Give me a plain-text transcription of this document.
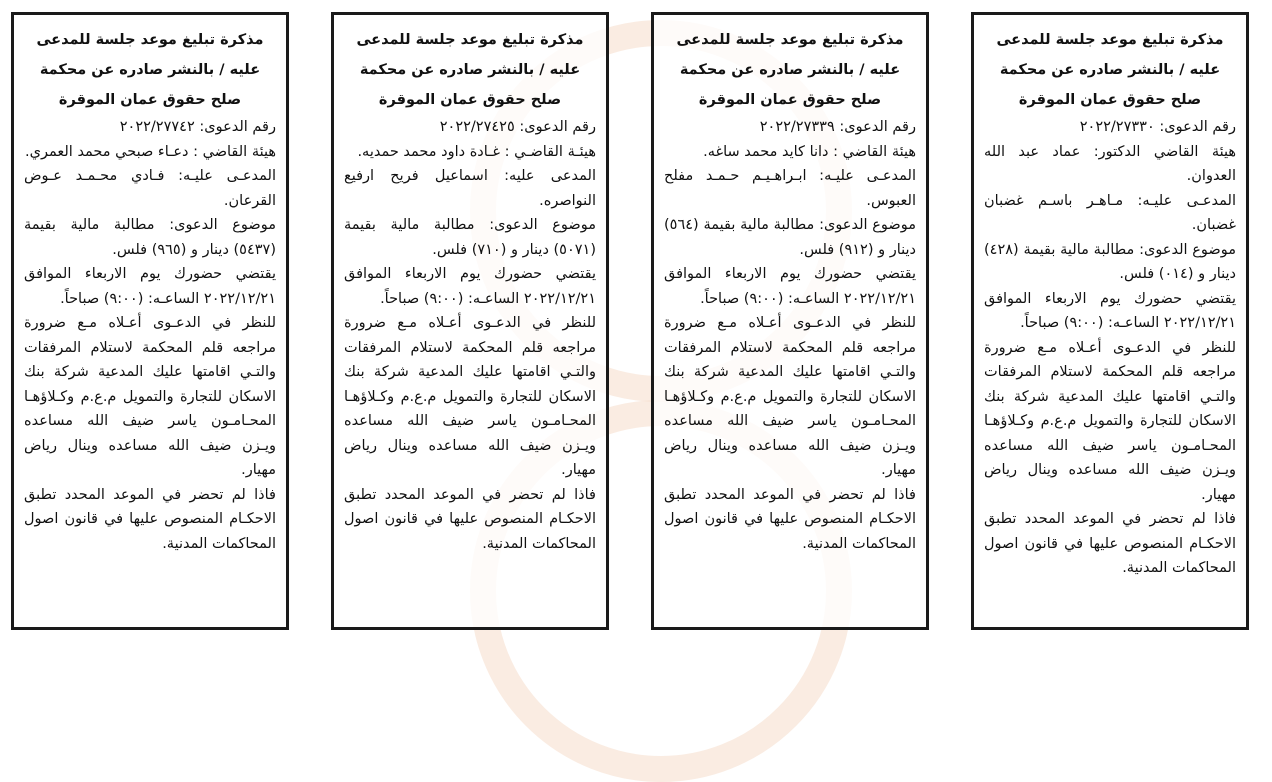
مذكرة تبليغ موعد جلسة للمدعى عليه / بالنشر صادره عن محكمة صلح حقوق عمان الموقرة

رقم الدعوى: ٢٠٢٢/٢٧٧٤٢

هيئة القاضي : دعـاء صبحي محمد العمري.

المدعـى عليـه: فـادي محـمـد عـوض القرعان.

موضوع الدعوى: مطالبة مالية بقيمة (٥٤٣٧) دينار و (٩٦٥) فلس.

يقتضي حضورك يوم الاربعاء الموافق ٢٠٢٢/١٢/٢١ الساعـه: (٩:٠٠) صباحاً.

للنظر في الدعـوى أعـلاه مـع ضرورة مراجعه قلم المحكمة لاستلام المرفقات والتـي اقامتها عليك المدعية شركة بنك الاسكان للتجارة والتمويل م.ع.م وكـلاؤهـا المحـامـون ياسر ضيف الله مساعده ويـزن ضيف الله مساعده وينال رياض مهيار.

فاذا لم تحضر في الموعد المحدد تطبق الاحكـام المنصوص عليها في قانون اصول المحاكمات المدنية.

مذكرة تبليغ موعد جلسة للمدعى عليه / بالنشر صادره عن محكمة صلح حقوق عمان الموقرة

رقم الدعوى: ٢٠٢٢/٢٧٤٢٥

هيئـة القاضـي : غـادة داود محمد حمديه.

المدعى عليه: اسماعيل فريح ارفيع النواصره.

موضوع الدعوى: مطالبة مالية بقيمة (٥٠٧١) دينار و (٧١٠) فلس.

يقتضي حضورك يوم الاربعاء الموافق ٢٠٢٢/١٢/٢١ الساعـه: (٩:٠٠) صباحاً.

للنظر في الدعـوى أعـلاه مـع ضرورة مراجعه قلم المحكمة لاستلام المرفقات والتـي اقامتها عليك المدعية شركة بنك الاسكان للتجارة والتمويل م.ع.م وكـلاؤهـا المحـامـون ياسر ضيف الله مساعده ويـزن ضيف الله مساعده وينال رياض مهيار.

فاذا لم تحضر في الموعد المحدد تطبق الاحكـام المنصوص عليها في قانون اصول المحاكمات المدنية.

مذكرة تبليغ موعد جلسة للمدعى عليه / بالنشر صادره عن محكمة صلح حقوق عمان الموقرة

رقم الدعوى: ٢٠٢٢/٢٧٣٣٩

هيئة القاضي : دانا كايد محمد ساغه.

المدعـى عليـه: ابـراهـيـم حـمـد مفلح العبوس.

موضوع الدعوى: مطالبة مالية بقيمة (٥٦٤) دينار و (٩١٢) فلس.

يقتضي حضورك يوم الاربعاء الموافق ٢٠٢٢/١٢/٢١ الساعـه: (٩:٠٠) صباحاً.

للنظر في الدعـوى أعـلاه مـع ضرورة مراجعه قلم المحكمة لاستلام المرفقات والتـي اقامتها عليك المدعية شركة بنك الاسكان للتجارة والتمويل م.ع.م وكـلاؤهـا المحـامـون ياسر ضيف الله مساعده ويـزن ضيف الله مساعده وينال رياض مهيار.

فاذا لم تحضر في الموعد المحدد تطبق الاحكـام المنصوص عليها في قانون اصول المحاكمات المدنية.

مذكرة تبليغ موعد جلسة للمدعى عليه / بالنشر صادره عن محكمة صلح حقوق عمان الموقرة

رقم الدعوى: ٢٠٢٢/٢٧٣٣٠

هيئة القاضي الدكتور: عماد عبد الله العدوان.

المدعـى عليـه: مـاهـر باسـم غضبان غضبان.

موضوع الدعوى: مطالبة مالية بقيمة (٤٢٨) دينار و (٠١٤) فلس.

يقتضي حضورك يوم الاربعاء الموافق ٢٠٢٢/١٢/٢١ الساعـه: (٩:٠٠) صباحاً.

للنظر في الدعـوى أعـلاه مـع ضرورة مراجعه قلم المحكمة لاستلام المرفقات والتـي اقامتها عليك المدعية شركة بنك الاسكان للتجارة والتمويل م.ع.م وكـلاؤهـا المحـامـون ياسر ضيف الله مساعده ويـزن ضيف الله مساعده وينال رياض مهيار.

فاذا لم تحضر في الموعد المحدد تطبق الاحكـام المنصوص عليها في قانون اصول المحاكمات المدنية.
